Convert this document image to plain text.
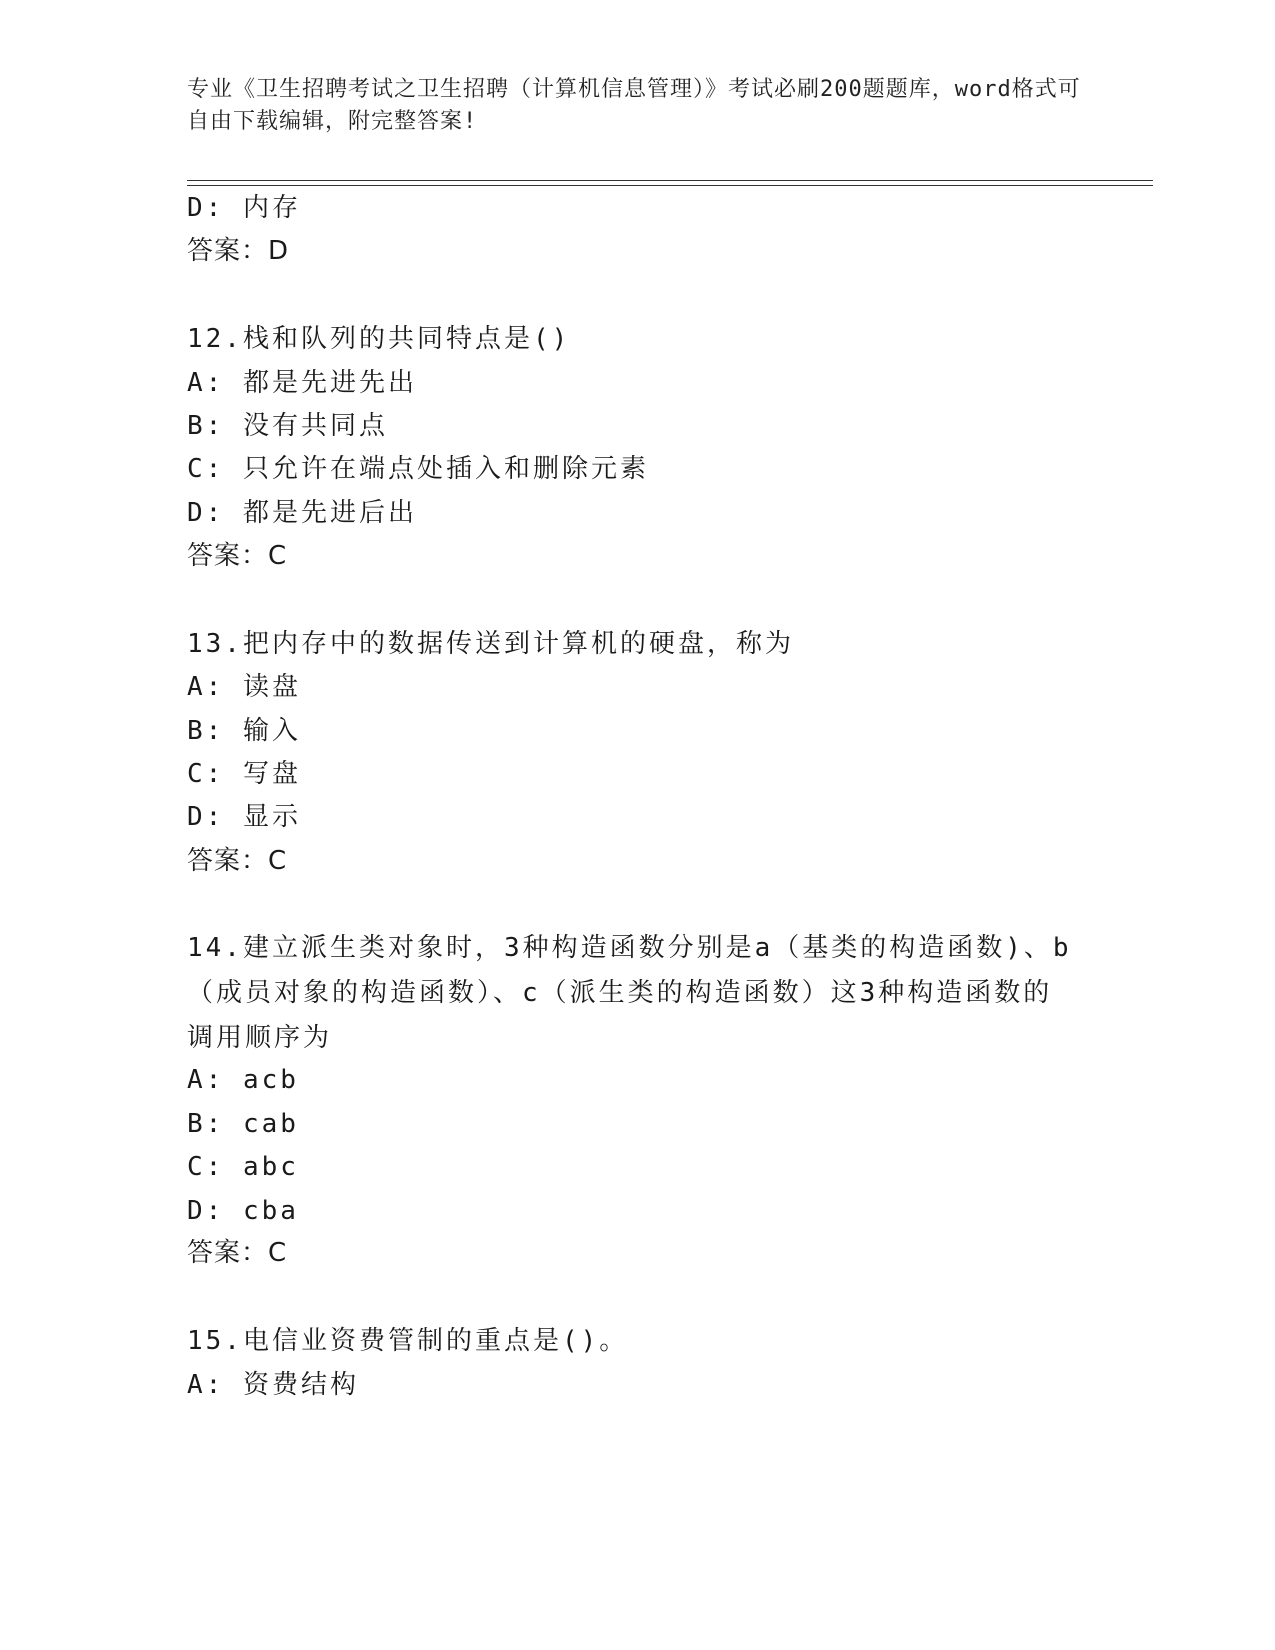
专业《卫生招聘考试之卫生招聘（计算机信息管理）》考试必刷200题题库，word格式可自由下载编辑，附完整答案!
D: 内存
答案：D
12.栈和队列的共同特点是()
A: 都是先进先出
B: 没有共同点
C: 只允许在端点处插入和删除元素
D: 都是先进后出
答案：C
13.把内存中的数据传送到计算机的硬盘，称为
A: 读盘
B: 输入
C: 写盘
D: 显示
答案：C
14.建立派生类对象时，3种构造函数分别是a（基类的构造函数)、b（成员对象的构造函数）、c（派生类的构造函数）这3种构造函数的调用顺序为
A: acb
B: cab
C: abc
D: cba
答案：C
15.电信业资费管制的重点是()。
A: 资费结构
